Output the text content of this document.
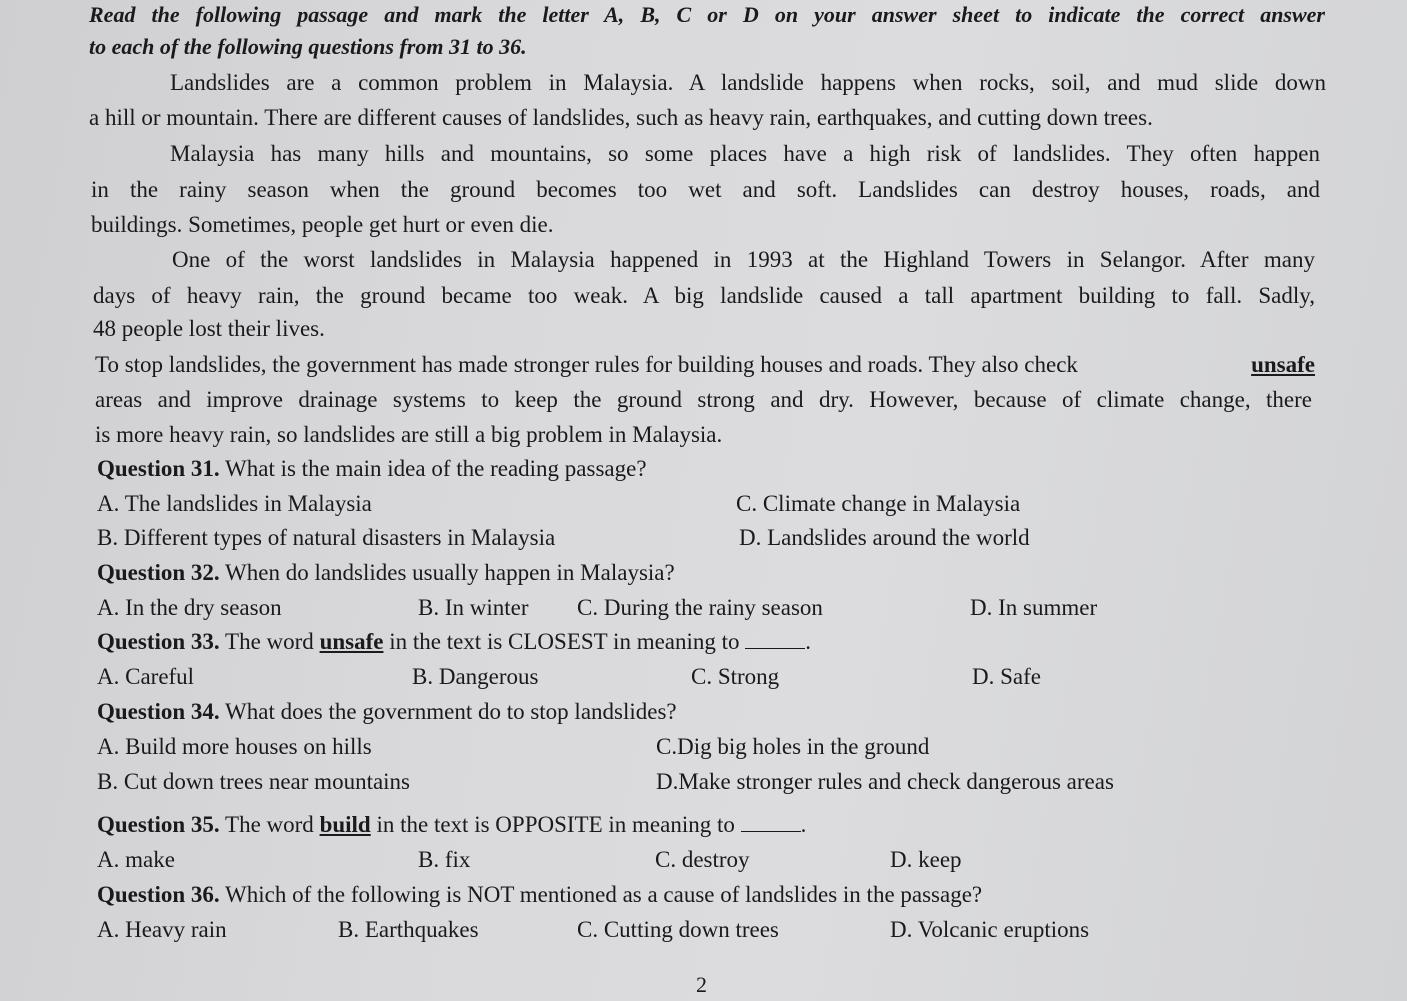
Read the following passage and mark the letter A, B, C or D on your answer sheet to indicate the correct answer
to each of the following questions from 31 to 36.
Landslides are a common problem in Malaysia. A landslide happens when rocks, soil, and mud slide down
a hill or mountain. There are different causes of landslides, such as heavy rain, earthquakes, and cutting down trees.
Malaysia has many hills and mountains, so some places have a high risk of landslides. They often happen
in the rainy season when the ground becomes too wet and soft. Landslides can destroy houses, roads, and
buildings. Sometimes, people get hurt or even die.
One of the worst landslides in Malaysia happened in 1993 at the Highland Towers in Selangor. After many
days of heavy rain, the ground became too weak. A big landslide caused a tall apartment building to fall. Sadly,
48 people lost their lives.
To stop landslides, the government has made stronger rules for building houses and roads. They also check	unsafe
areas and improve drainage systems to keep the ground strong and dry. However, because of climate change, there
is more heavy rain, so landslides are still a big problem in Malaysia.
Question 31. What is the main idea of the reading passage?
A. The landslides in Malaysia	C. Climate change in Malaysia
B. Different types of natural disasters in Malaysia	D. Landslides around the world
Question 32. When do landslides usually happen in Malaysia?
A. In the dry season	B. In winter C. During the rainy season	D. In summer
Question 33. The word unsafe in the text is CLOSEST in meaning to	.
A. Careful	B. Dangerous	C. Strong	D. Safe
Question 34. What does the government do to stop landslides?
A. Build more houses on hills	C.Dig big holes in the ground
B. Cut down trees near mountains	D.Make stronger rules and check dangerous areas
Question 35. The word build in the text is OPPOSITE in meaning to	.
A. make	B. fix	C. destroy	D. keep
Question 36. Which of the following is NOT mentioned as a cause of landslides in the passage?
A. Heavy rain	B. Earthquakes	C. Cutting down trees	D. Volcanic eruptions
2
